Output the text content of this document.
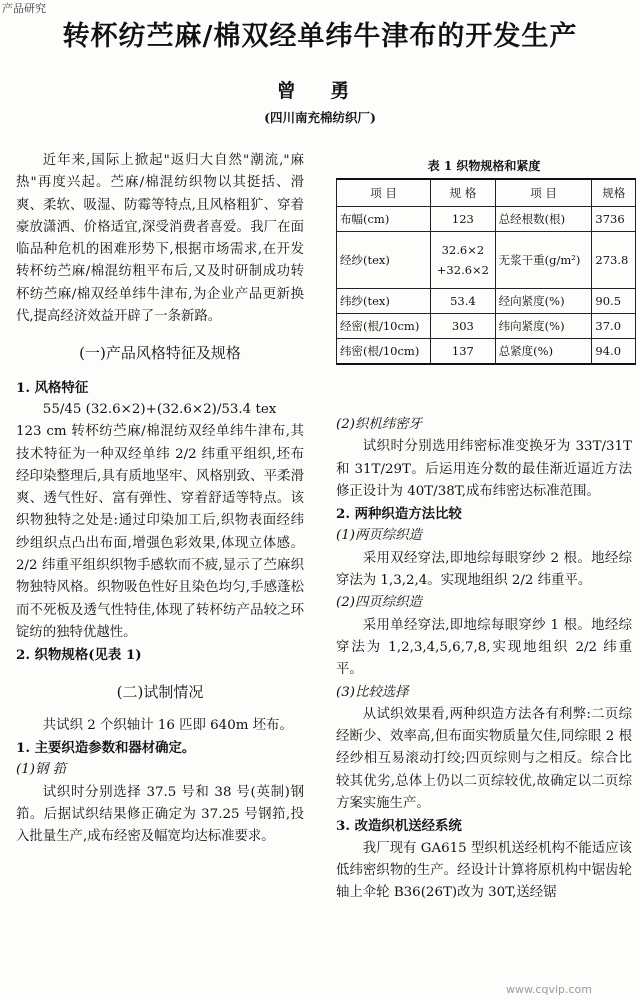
产品研究
转杯纺苎麻/棉双经单纬牛津布的开发生产
曾 勇
(四川南充棉纺织厂)

近年来,国际上掀起"返归大自然"潮流,"麻热"再度兴起。苎麻/棉混纺织物以其挺括、滑爽、柔软、吸湿、防霉等特点,且风格粗犷、穿着豪放潇洒、价格适宜,深受消费者喜爱。我厂在面临品种危机的困难形势下,根据市场需求,在开发转杯纺苎麻/棉混纺粗平布后,又及时研制成功转杯纺苎麻/棉双经单纬牛津布,为企业产品更新换代,提高经济效益开辟了一条新路。

(一)产品风格特征及规格

1. 风格特征

55/45 (32.6×2)+(32.6×2)/53.4 tex

123 cm 转杯纺苎麻/棉混纺双经单纬牛津布,其技术特征为一种双经单纬 2/2 纬重平组织,坯布经印染整理后,具有质地坚牢、风格别致、平柔滑爽、透气性好、富有弹性、穿着舒适等特点。该织物独特之处是:通过印染加工后,织物表面经纬纱组织点凸出布面,增强色彩效果,体现立体感。2/2 纬重平组织织物手感软而不疲,显示了苎麻织物独特风格。织物吸色性好且染色均匀,手感蓬松而不死板及透气性特佳,体现了转杯纺产品较之环锭纺的独特优越性。

2. 织物规格(见表 1)

(二)试制情况

共试织 2 个织轴计 16 匹即 640m 坯布。

1. 主要织造参数和器材确定。

(1)钢 筘

试织时分别选择 37.5 号和 38 号(英制)钢筘。后据试织结果修正确定为 37.25 号钢筘,投入批量生产,成布经密及幅宽均达标准要求。

表 1 织物规格和紧度
项 目	规 格	项 目	规格
布幅(cm)	123	总经根数(根)	3736
经纱(tex)	32.6×2
+32.6×2	无浆干重(g/m²)	273.8
纬纱(tex)	53.4	经向紧度(%)	90.5
经密(根/10cm)	303	纬向紧度(%)	37.0
纬密(根/10cm)	137	总紧度(%)	94.0

(2)织机纬密牙

试织时分别选用纬密标准变换牙为 33T/31T 和 31T/29T。后运用连分数的最佳渐近逼近方法修正设计为 40T/38T,成布纬密达标准范围。

2. 两种织造方法比较

(1)两页综织造

采用双经穿法,即地综每眼穿纱 2 根。地经综穿法为 1,3,2,4。实现地组织 2/2 纬重平。

(2)四页综织造

采用单经穿法,即地综每眼穿纱 1 根。地经综穿法为 1,2,3,4,5,6,7,8,实现地组织 2/2 纬重平。

(3)比较选择

从试织效果看,两种织造方法各有利弊:二页综经断少、效率高,但布面实物质量欠佳,同综眼 2 根经纱相互易滚动打绞;四页综则与之相反。综合比较其优劣,总体上仍以二页综较优,故确定以二页综方案实施生产。

3. 改造织机送经系统

我厂现有 GA615 型织机送经机构不能适应该低纬密织物的生产。经设计计算将原机构中锯齿轮轴上伞轮 B36(26T)改为 30T,送经锯

www.cqvip.com
